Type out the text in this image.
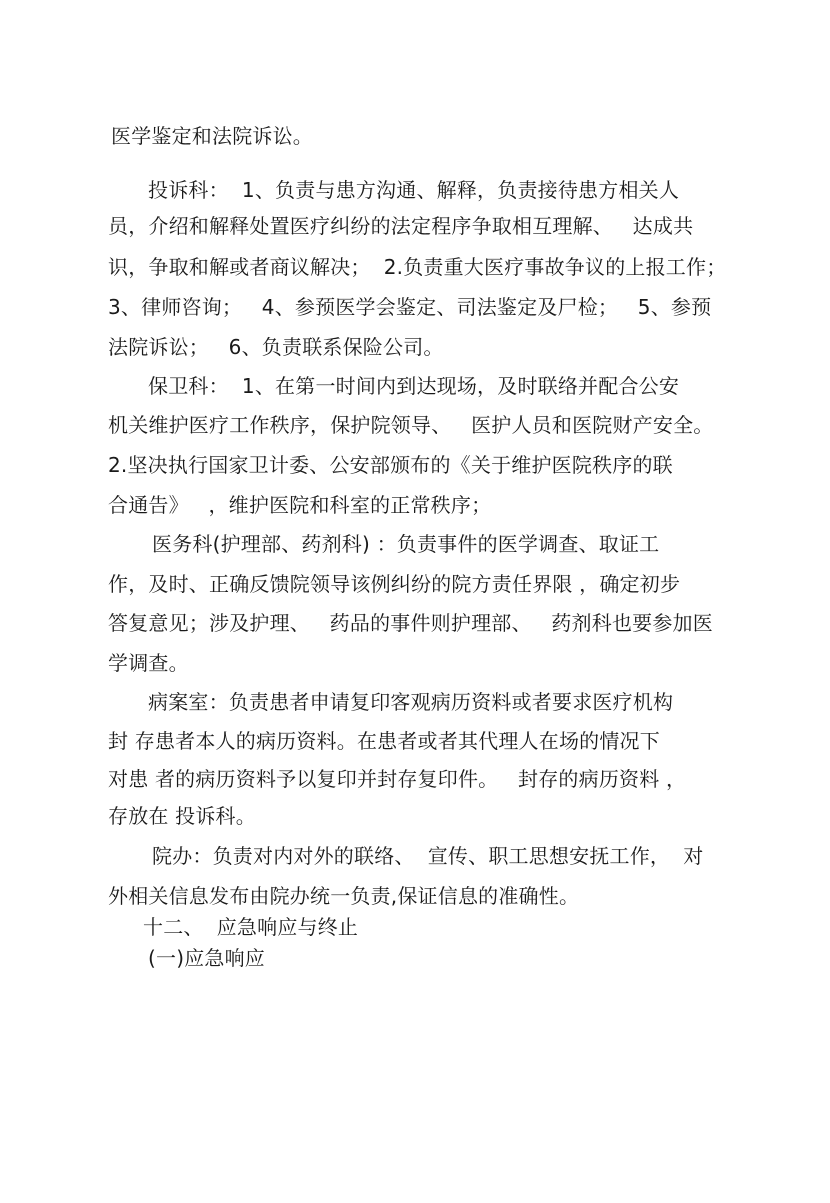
医学鉴定和法院诉讼。
投诉科：  1、负责与患方沟通、解释，负责接待患方相关人
员，介绍和解释处置医疗纠纷的法定程序争取相互理解、   达成共
识，争取和解或者商议解决；  2.负责重大医疗事故争议的上报工作；
3、律师咨询；   4、参预医学会鉴定、司法鉴定及尸检；   5、参预
法院诉讼；   6、负责联系保险公司。
保卫科：  1、在第一时间内到达现场，及时联络并配合公安
机关维护医疗工作秩序，保护院领导、   医护人员和医院财产安全。
2.坚决执行国家卫计委、公安部颁布的《关于维护医院秩序的联
合通告》   ，维护医院和科室的正常秩序；
医务科(护理部、药剂科) ：负责事件的医学调查、取证工
作，及时、正确反馈院领导该例纠纷的院方责任界限 ，确定初步
答复意见；涉及护理、   药品的事件则护理部、   药剂科也要参加医
学调查。
病案室：负责患者申请复印客观病历资料或者要求医疗机构
封 存患者本人的病历资料。在患者或者其代理人在场的情况下
对患 者的病历资料予以复印并封存复印件。   封存的病历资料 ，
存放在 投诉科。
院办：负责对内对外的联络、  宣传、职工思想安抚工作，  对
外相关信息发布由院办统一负责,保证信息的准确性。
十二、  应急响应与终止
(一)应急响应
